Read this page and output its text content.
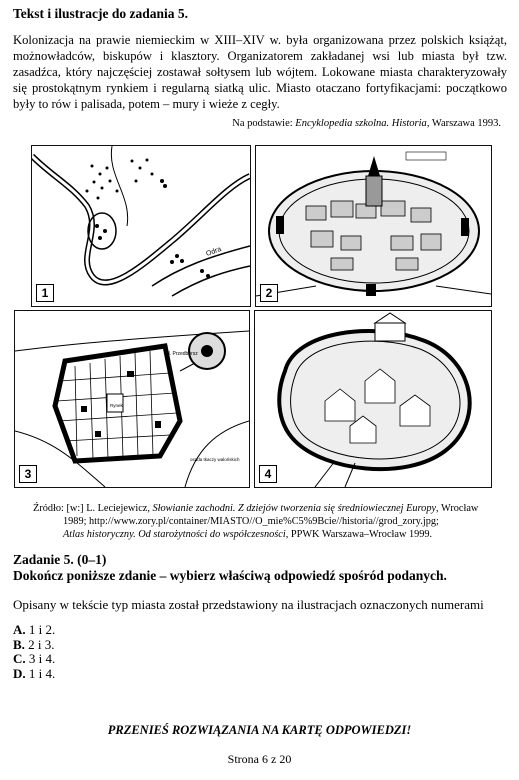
Tekst i ilustracje do zadania 5.
Kolonizacja na prawie niemieckim w XIII–XIV w. była organizowana przez polskich książąt, możnowładców, biskupów i klasztory. Organizatorem zakładanej wsi lub miasta był tzw. zasadźca, który najczęściej zostawał sołtysem lub wójtem. Lokowane miasta charakteryzowały się prostokątnym rynkiem i regularną siatką ulic. Miasto otaczano fortyfikacjami: początkowo były to rów i palisada, potem – mury i wieże z cegły.
Na podstawie: Encyklopedia szkolna. Historia, Warszawa 1993.
Odra
1	2
Ul. Przedbórsz
Rynek
osada tkaczy walońskich
3	4
Źródło: [w:] L. Leciejewicz, Słowianie zachodni. Z dziejów tworzenia się średniowiecznej Europy, Wrocław
1989; http://www.zory.pl/container/MIASTO//O_mie%C5%9Bcie//historia//grod_zory.jpg;
Atlas historyczny. Od starożytności do współczesności, PPWK Warszawa–Wrocław 1999.
Zadanie 5. (0–1)
Dokończ poniższe zdanie – wybierz właściwą odpowiedź spośród podanych.
Opisany w tekście typ miasta został przedstawiony na ilustracjach oznaczonych numerami
A. 1 i 2.
B. 2 i 3.
C. 3 i 4.
D. 1 i 4.
PRZENIEŚ ROZWIĄZANIA NA KARTĘ ODPOWIEDZI!
Strona 6 z 20
